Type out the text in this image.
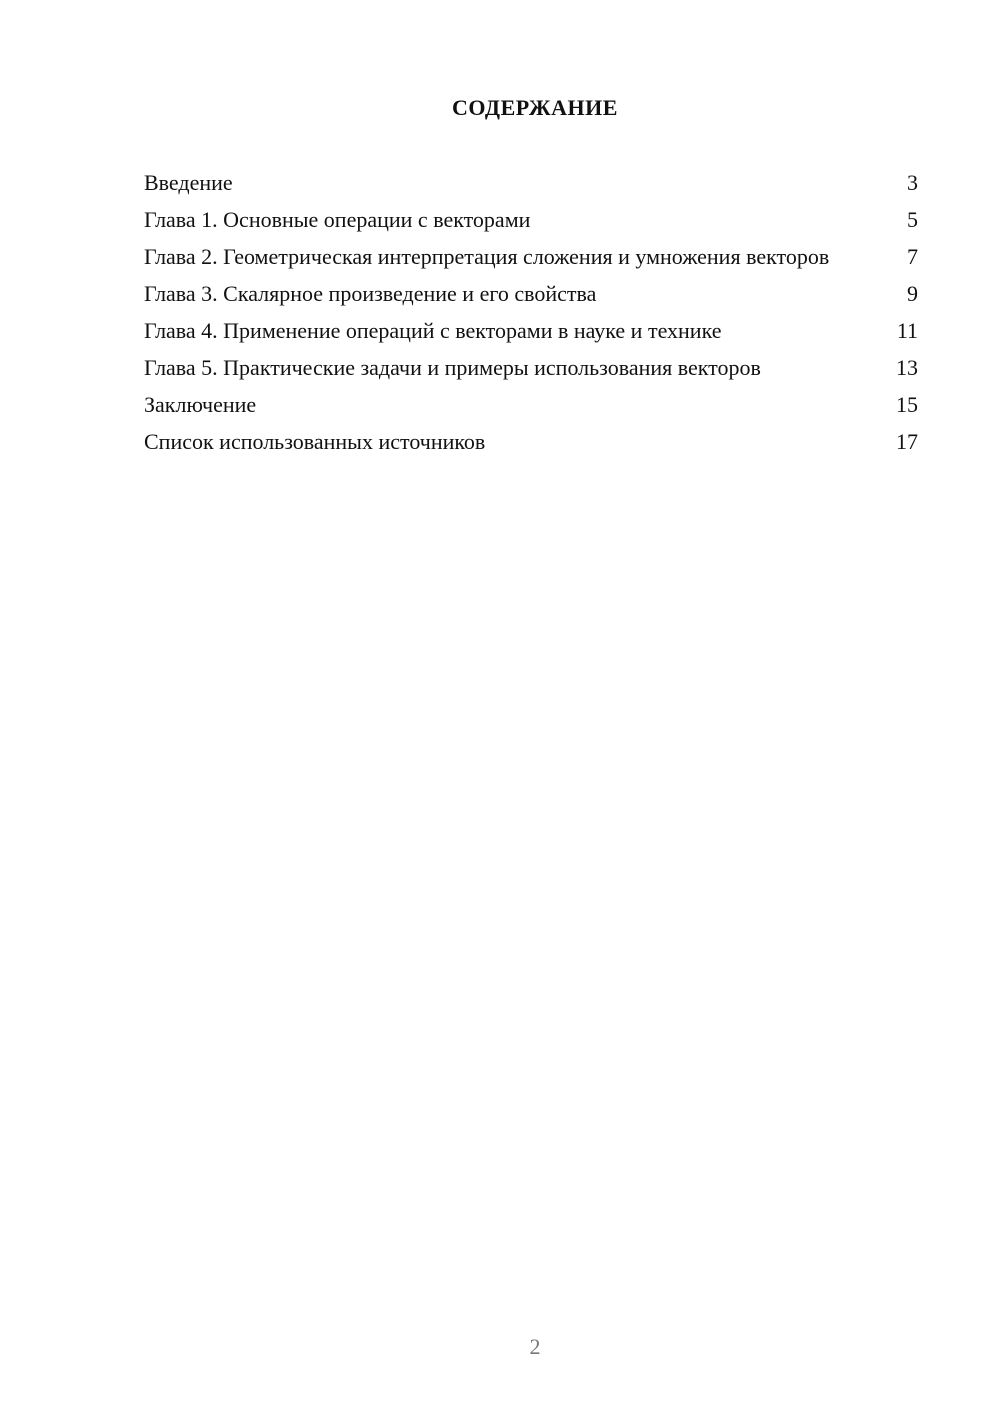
СОДЕРЖАНИЕ
Введение	3
Глава 1. Основные операции с векторами	5
Глава 2. Геометрическая интерпретация сложения и умножения векторов	7
Глава 3. Скалярное произведение и его свойства	9
Глава 4. Применение операций с векторами в науке и технике	11
Глава 5. Практические задачи и примеры использования векторов	13
Заключение	15
Список использованных источников	17
2
